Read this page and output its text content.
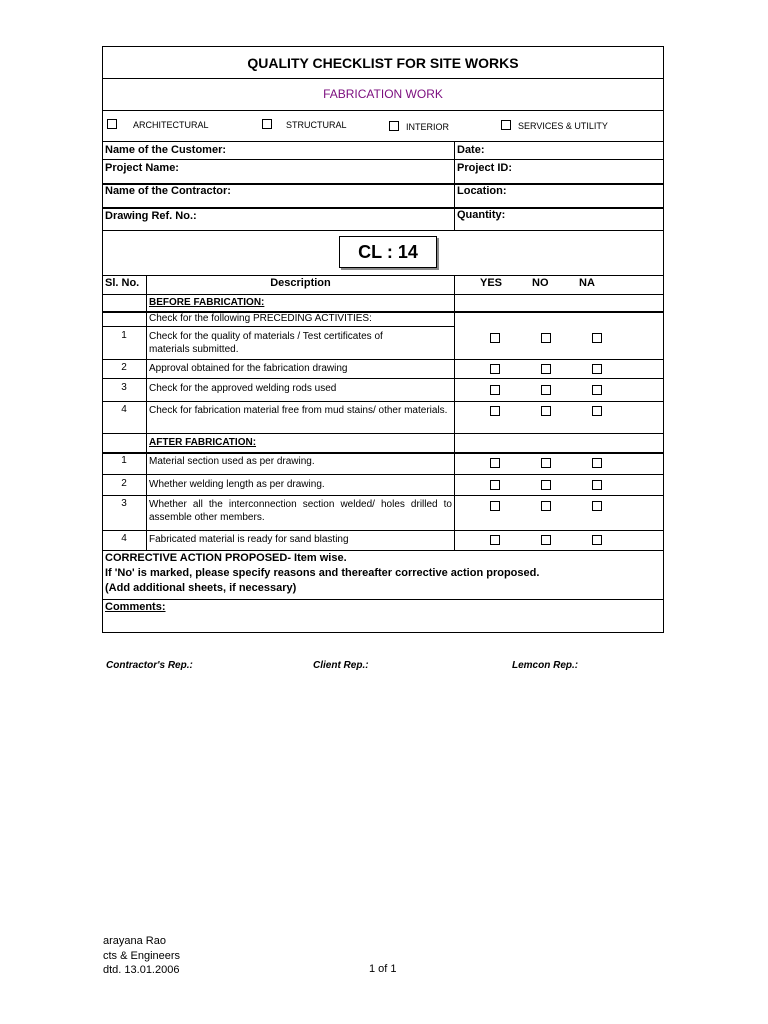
QUALITY CHECKLIST FOR SITE WORKS
FABRICATION WORK
ARCHITECTURAL	STRUCTURAL	INTERIOR	SERVICES & UTILITY
Name of the Customer:	Date:
Project Name:	Project ID:
Name of the Contractor:	Location:
Drawing Ref. No.:	Quantity:
CL : 14
Sl. No.	Description	YES	NO	NA
BEFORE FABRICATION:
Check for the following PRECEDING ACTIVITIES:
1	Check for the quality of materials / Test certificates of materials submitted.
2	Approval obtained for the fabrication drawing
3	Check for the approved welding rods used
4	Check for fabrication material free from mud stains/ other materials.
AFTER FABRICATION:
1	Material section used as per drawing.
2	Whether welding length as per drawing.
3	Whether all the interconnection section welded/ holes drilled to assemble other members.
4	Fabricated material is ready for sand blasting
CORRECTIVE ACTION PROPOSED- Item wise.
If 'No' is marked, please specify reasons and thereafter corrective action proposed.
(Add additional sheets, if necessary)
Comments:
Contractor's Rep.:	Client Rep.:	Lemcon Rep.:
arayana Rao
cts & Engineers
dtd. 13.01.2006	1 of 1
